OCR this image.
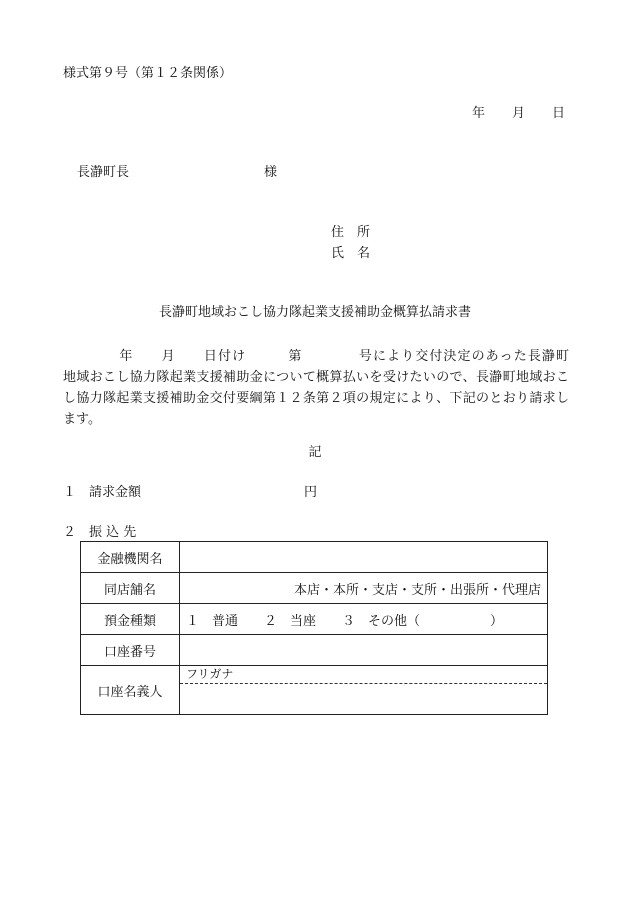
様式第９号（第１２条関係）
年 月 日
長瀞町長	様
住　所
氏　名
長瀞町地域おこし協力隊起業支援補助金概算払請求書
　　　　年　　月　　日付け　　　第　　　　号により交付決定のあった長瀞町
地域おこし協力隊起業支援補助金について概算払いを受けたいので、長瀞町地域おこ
し協力隊起業支援補助金交付要綱第１２条第２項の規定により、下記のとおり請求し
ます。
記
１　請求金額	円
２　振 込 先
金融機関名	
同店舗名	本店・本所・支店・支所・出張所・代理店
預金種類	１　普通 ２　当座 ３　その他（ ）
口座番号	
口座名義人	フリガナ
